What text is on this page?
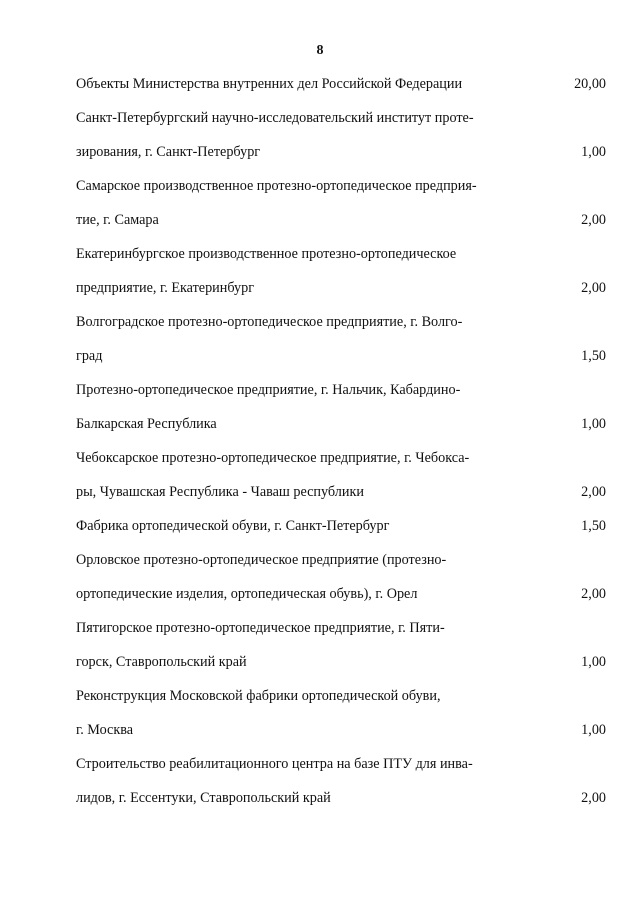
8
Объекты Министерства внутренних дел Российской Федерации	20,00
Санкт-Петербургский научно-исследовательский институт проте-
зирования, г. Санкт-Петербург	1,00
Самарское производственное протезно-ортопедическое предприя-
тие, г. Самара	2,00
Екатеринбургское производственное протезно-ортопедическое
предприятие, г. Екатеринбург	2,00
Волгоградское протезно-ортопедическое предприятие, г. Волго-
град	1,50
Протезно-ортопедическое предприятие, г. Нальчик, Кабардино-
Балкарская Республика	1,00
Чебоксарское протезно-ортопедическое предприятие, г. Чебокса-
ры, Чувашская Республика - Чаваш республики	2,00
Фабрика ортопедической обуви, г. Санкт-Петербург	1,50
Орловское протезно-ортопедическое предприятие (протезно-
ортопедические изделия, ортопедическая обувь), г. Орел	2,00
Пятигорское протезно-ортопедическое предприятие, г. Пяти-
горск, Ставропольский край	1,00
Реконструкция Московской фабрики ортопедической обуви,
г. Москва	1,00
Строительство реабилитационного центра на базе ПТУ для инва-
лидов, г. Ессентуки, Ставропольский край	2,00
